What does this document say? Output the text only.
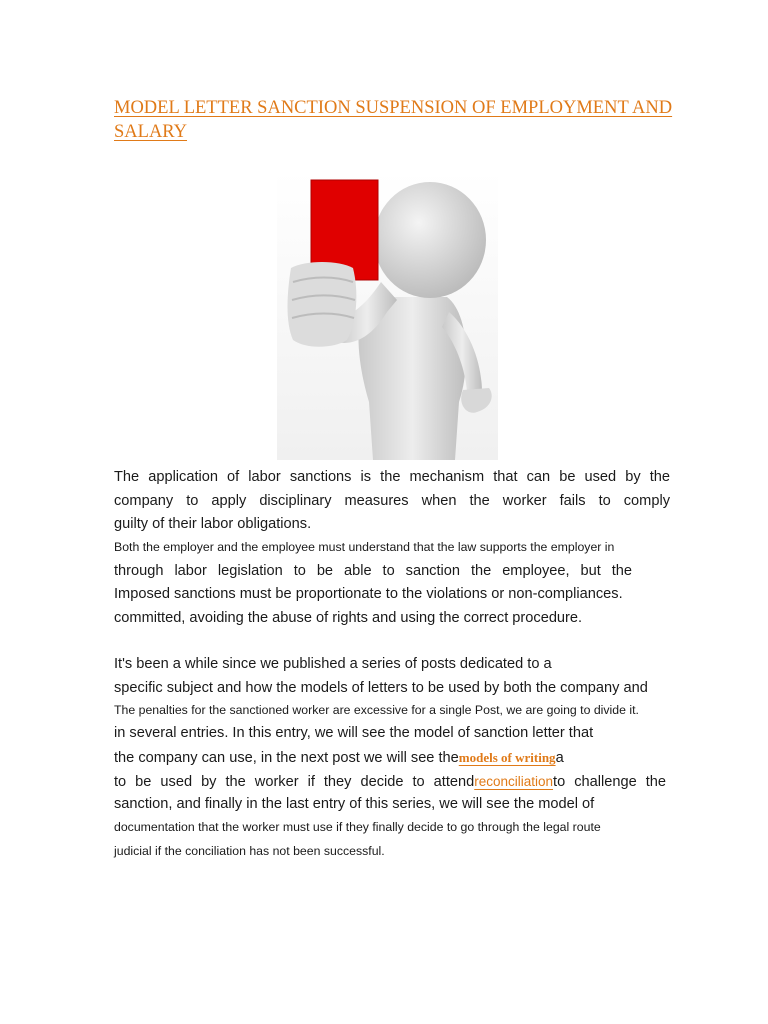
MODEL LETTER SANCTION SUSPENSION OF EMPLOYMENT AND SALARY

The application of labor sanctions is the mechanism that can be used by the

company to apply disciplinary measures when the worker fails to comply

guilty of their labor obligations.

Both the employer and the employee must understand that the law supports the employer in

through labor legislation to be able to sanction the employee, but the

Imposed sanctions must be proportionate to the violations or non-compliances.

committed, avoiding the abuse of rights and using the correct procedure.

It's been a while since we published a series of posts dedicated to a

specific subject and how the models of letters to be used by both the company and

The penalties for the sanctioned worker are excessive for a single Post, we are going to divide it.

in several entries. In this entry, we will see the model of sanction letter that

the company can use, in the next post we will see themodels of writinga

to be used by the worker if they decide to attendreconciliationto challenge the

sanction, and finally in the last entry of this series, we will see the model of

documentation that the worker must use if they finally decide to go through the legal route

judicial if the conciliation has not been successful.
